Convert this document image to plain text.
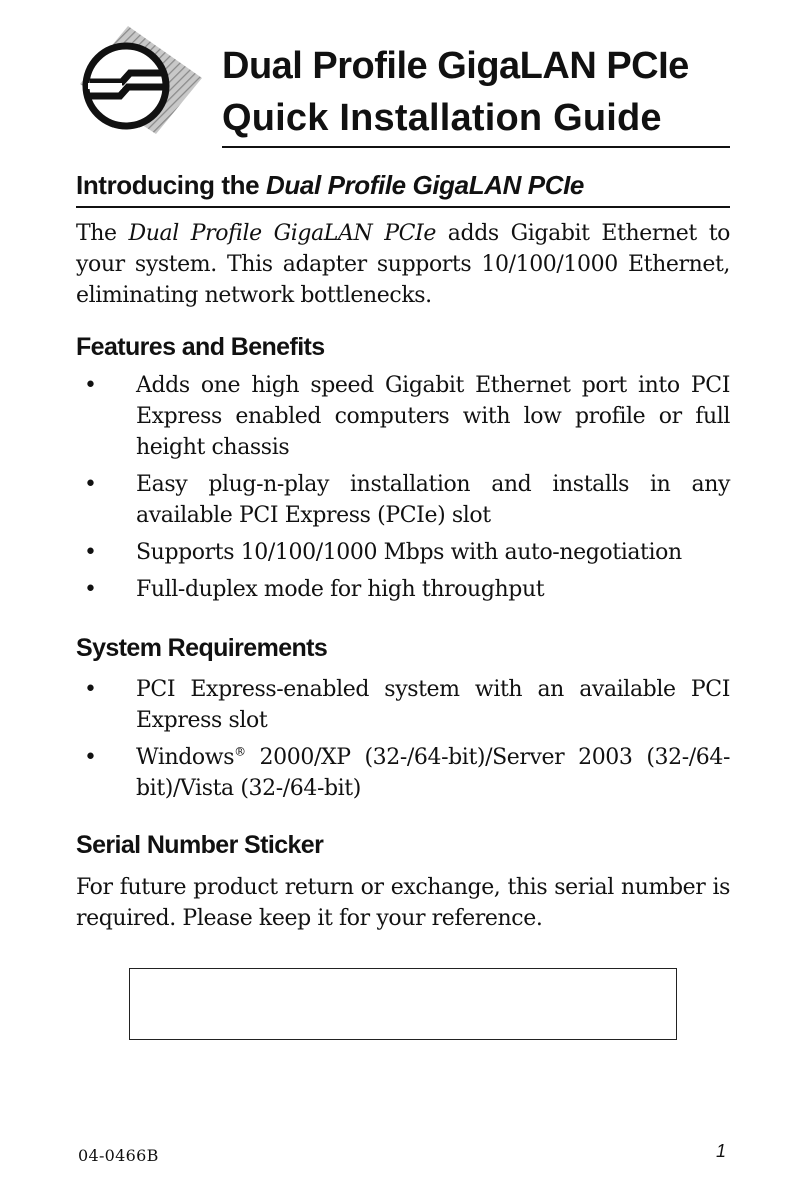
Dual Profile GigaLAN PCIe
Quick Installation Guide
Introducing the Dual Profile GigaLAN PCIe

The Dual Profile GigaLAN PCIe adds Gigabit Ethernet to your system. This adapter supports 10/100/1000 Ethernet, eliminating network bottlenecks.

Features and Benefits
• Adds one high speed Gigabit Ethernet port into PCI Express enabled computers with low profile or full height chassis
• Easy plug-n-play installation and installs in any available PCI Express (PCIe) slot
• Supports 10/100/1000 Mbps with auto-negotiation
• Full-duplex mode for high throughput
System Requirements
• PCI Express-enabled system with an available PCI Express slot
• Windows® 2000/XP (32-/64-bit)/Server 2003 (32-/64-bit)/Vista (32-/64-bit)
Serial Number Sticker

For future product return or exchange, this serial number is required. Please keep it for your reference.

04-0466B	1
